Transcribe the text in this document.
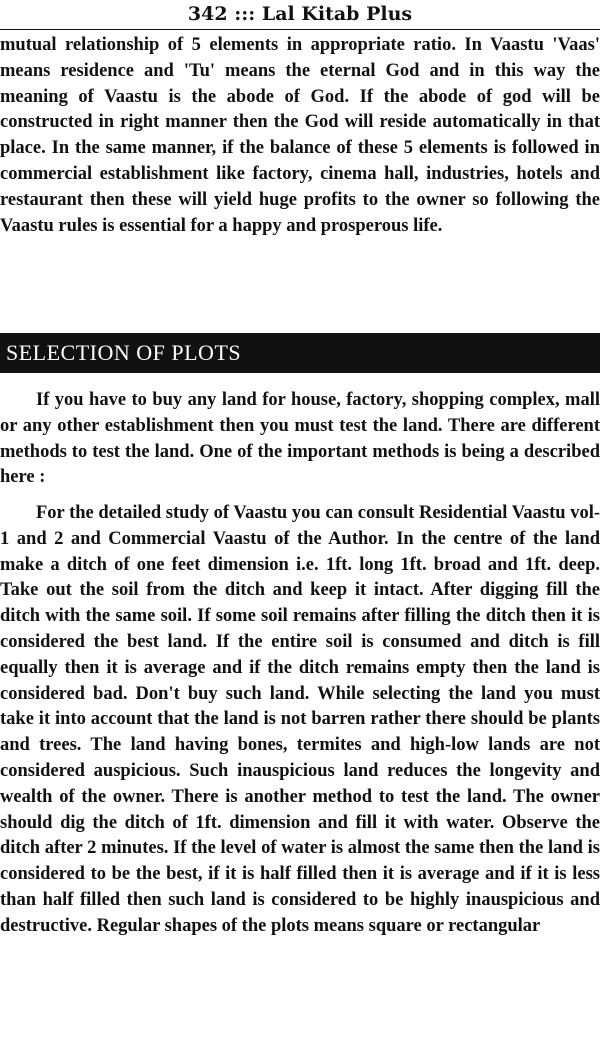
342 ::: Lal Kitab Plus

mutual relationship of 5 elements in appropriate ratio. In Vaastu 'Vaas' means residence and 'Tu' means the eternal God and in this way the meaning of Vaastu is the abode of God. If the abode of god will be constructed in right manner then the God will reside automatically in that place. In the same manner, if the balance of these 5 elements is followed in commercial establishment like factory, cinema hall, industries, hotels and restaurant then these will yield huge profits to the owner so following the Vaastu rules is essential for a happy and prosperous life.

SELECTION OF PLOTS

If you have to buy any land for house, factory, shopping complex, mall or any other establishment then you must test the land. There are different methods to test the land. One of the important methods is being a described here :

For the detailed study of Vaastu you can consult Residential Vaastu vol-1 and 2 and Commercial Vaastu of the Author. In the centre of the land make a ditch of one feet dimension i.e. 1ft. long 1ft. broad and 1ft. deep. Take out the soil from the ditch and keep it intact. After digging fill the ditch with the same soil. If some soil remains after filling the ditch then it is considered the best land. If the entire soil is consumed and ditch is fill equally then it is average and if the ditch remains empty then the land is considered bad. Don't buy such land. While selecting the land you must take it into account that the land is not barren rather there should be plants and trees. The land having bones, termites and high-low lands are not considered auspicious. Such inauspicious land reduces the longevity and wealth of the owner. There is another method to test the land. The owner should dig the ditch of 1ft. dimension and fill it with water. Observe the ditch after 2 minutes. If the level of water is almost the same then the land is considered to be the best, if it is half filled then it is average and if it is less than half filled then such land is considered to be highly inauspicious and destructive. Regular shapes of the plots means square or rectangular
